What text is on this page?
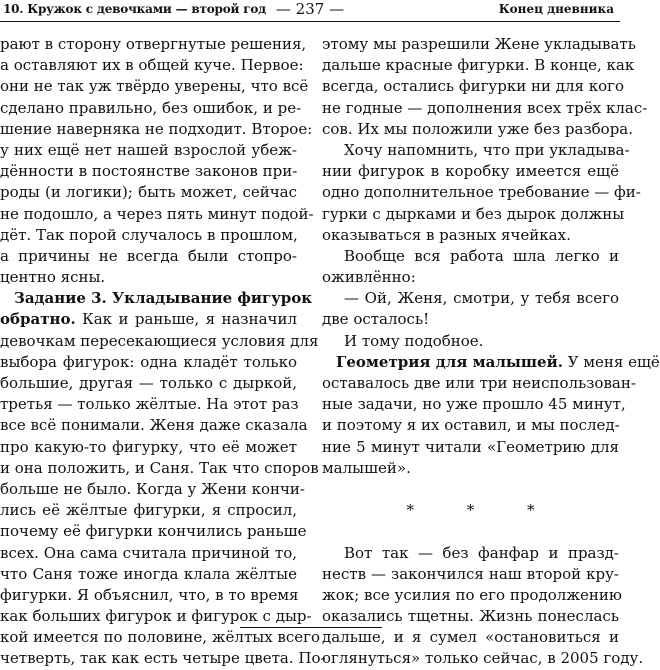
10. Кружок с девочками — второй год — 237 —	Конец дневника
рают в сторону отвергнутые решения,
а оставляют их в общей куче. Первое:
они не так уж твёрдо уверены, что всё
сделано правильно, без ошибок, и ре-
шение наверняка не подходит. Второе:
у них ещё нет нашей взрослой убеж-
дённости в постоянстве законов при-
роды (и логики); быть может, сейчас
не подошло, а через пять минут подой-
дёт. Так порой случалось в прошлом,
а причины не всегда были стопро-
центно ясны.
Задание 3. Укладывание фигурок
обратно. Как и раньше, я назначил
девочкам пересекающиеся условия для
выбора фигурок: одна кладёт только
большие, другая — только с дыркой,
третья — только жёлтые. На этот раз
все всё понимали. Женя даже сказала
про какую-то фигурку, что её может
и она положить, и Саня. Так что споров
больше не было. Когда у Жени кончи-
лись её жёлтые фигурки, я спросил,
почему её фигурки кончились раньше
всех. Она сама считала причиной то,
что Саня тоже иногда клала жёлтые
фигурки. Я объяснил, что, в то время
как больших фигурок и фигурок с дыр-
кой имеется по половине, жёлтых всего
четверть, так как есть четыре цвета. По-
этому мы разрешили Жене укладывать
дальше красные фигурки. В конце, как
всегда, остались фигурки ни для кого
не годные — дополнения всех трёх клас-
сов. Их мы положили уже без разбора.
Хочу напомнить, что при укладыва-
нии фигурок в коробку имеется ещё
одно дополнительное требование — фи-
гурки с дырками и без дырок должны
оказываться в разных ячейках.
Вообще вся работа шла легко и
оживлённо:
— Ой, Женя, смотри, у тебя всего
две осталось!
И тому подобное.
Геометрия для малышей. У меня ещё
оставалось две или три неиспользован-
ные задачи, но уже прошло 45 минут,
и поэтому я их оставил, и мы послед-
ние 5 минут читали «Геометрию для
малышей».
* * *
Вот так — без фанфар и празд-
неств — закончился наш второй кру-
жок; все усилия по его продолжению
оказались тщетны. Жизнь понеслась
дальше, и я сумел «остановиться и
оглянуться» только сейчас, в 2005 году.
